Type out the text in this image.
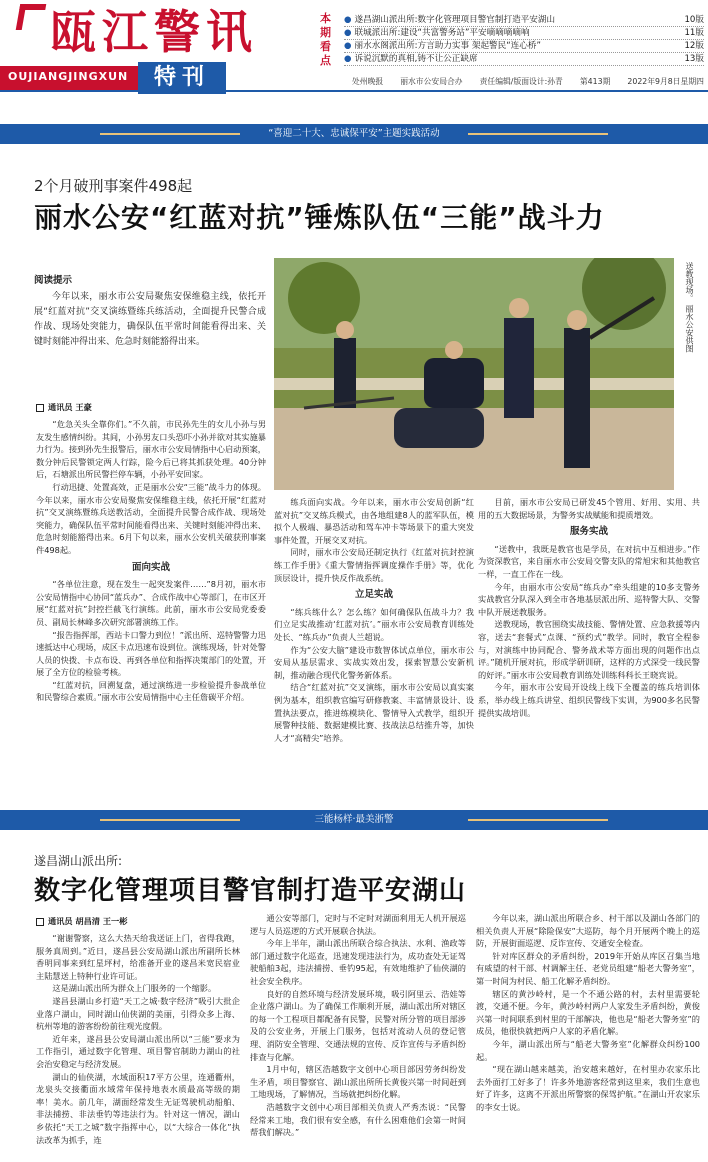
瓯江警讯
OUJIANGJINGXUN	特刊
本期看点
● 遂昌湖山派出所:数字化管理项目警官制打造平安湖山	10版
● 联城派出所:建设“共富警务站”平安嘀嘀嘀嘀响	11版
● 丽水水阁派出所:方言助力实事 架起警民“连心桥”	12版
● 诉说沉默的真相,铸不让公正缺席	13版
处州晚报 丽水市公安局合办 责任编辑/版面设计:孙青 第413期 2022年9月8日星期四
“喜迎二十大、忠诚保平安”主题实践活动
2个月破刑事案件498起
丽水公安“红蓝对抗”锤炼队伍“三能”战斗力
阅读提示
今年以来，丽水市公安局聚焦安保维稳主线，依托开展“红蓝对抗”交叉演练暨练兵练活动，全面提升民警合成作战、现场处突能力，确保队伍平常时间能看得出来、关键时刻能冲得出来、危急时刻能豁得出来。	送教现场。 丽水公安供图
通讯员 王豪

“危急关头全靠你们。”不久前，市民孙先生的女儿小孙与男友发生感情纠纷。其间，小孙男友口头恐吓小孙并欲对其实施暴力行为。接到孙先生报警后，丽水市公安局情指中心启动预案，数分钟后民警锁定两人行踪，险今后已将其抓获处理。40分钟后，石塘派出所民警拦停车辆，小孙平安回家。

行动迅捷、处置高效，正是丽水公安“三能”战斗力的体现。今年以来，丽水市公安局聚焦安保维稳主线，依托开展“红蓝对抗”交叉演练暨练兵送教活动，全面提升民警合成作战、现场处突能力，确保队伍平常时间能看得出来、关键时刻能冲得出来、危急时刻能豁得出来。6月下旬以来，丽水公安机关破获刑事案件498起。

面向实战

“各单位注意，现在发生一起突发案件……”8月初，丽水市公安局情指中心协同“蓝兵办”、合成作战中心等部门，在市区开展“红蓝对抗”封控拦截飞行演练。此前，丽水市公安局党委委员、副局长林峰多次研究部署演练工作。

“报告指挥部，西站卡口警力到位！”派出所、巡特警警力迅速抵达中心现场，成区卡点迅速布设到位。演练现场，针对处警人员的快拨、卡点布设、再到各单位和指挥决策部门的处置，开展了全方位的检验考核。

“红蓝对抗，回溯复盘，通过演练进一步检验提升参战单位和民警综合素质。”丽水市公安局情指中心主任詹碳平介绍。

练兵面向实战。今年以来，丽水市公安局创新“红蓝对抗”交叉练兵模式，由各地组建8人的蓝军队伍，模拟个人极端、暴恐活动和驾车冲卡等场景下的重大突发事件处置，开展交叉对抗。

同时，丽水市公安局还制定执行《红蓝对抗封控演练工作手册》《重大警情指挥调度操作手册》等，优化顶层设计，提升快反作战系统。

立足实战

“练兵练什么？怎么练？如何确保队伍战斗力？我们立足实战推动‘红蓝对抗’。”丽水市公安局教育训练处处长、“练兵办”负责人兰超说。

作为“公安大脑”建设市数智体试点单位，丽水市公安局从基层需求、实战实效出发，探索智慧公安新机制，推动融合现代化警务新体系。

结合“红蓝对抗”交叉演练，丽水市公安局以真实案例为基本，组织教官编写研修教案、丰富情景设计、设置执法要点，推进练模块化、警情导入式教学，组织开展警种技能、数据建模比赛、技战法总结推升等，加快人才“高精尖”培养。

目前，丽水市公安局已研发45个管用、好用、实用、共用的五大数据场景，为警务实战赋能和提质增效。

服务实战

“送教中，我既是教官也是学员，在对抗中互相进步。”作为资深教官，来自丽水市公安局交警支队的常旭宋和其他教官一样，一直工作在一线。

今年，由丽水市公安局“练兵办”牵头组建的10多支警务实战教官分队深入到全市各地基层派出所、巡特警大队、交警中队开展送教服务。

送教现场，教官围绕实战技能、警情处置、应急救援等内容，送去“套餐式”点课、“预约式”教学。同时，教官全程参与，对演练中协同配合、警务战术等方面出现的问题作出点评。”随机开展对抗，形成学研训研，这样的方式深受一线民警的好评。”丽水市公安局教育训练处训练科科长王晓宾说。

今年，丽水市公安局开设线上线下全覆盖的练兵培训体系，举办线上练兵讲堂、组织民警线下实训，为900多名民警提供实战培训。

三能杨样·最美浙警
遂昌湖山派出所:
数字化管理项目警官制打造平安湖山
通讯员 胡昌清 王一彬

“谢谢警察，这么大热天给我送证上门，省得我跑，服务真周到。”近日，遂昌县公安局湖山派出所副所长林香明同事来到红星坪村，给准备开业的遂昌米宽民宿业主陆慧送上特种行业许可证。

这是湖山派出所为群众上门服务的一个缩影。

遂昌县湖山乡打造“天工之城·数字经济”吸引大批企业落户湖山，同时湖山仙侠湖的美丽，引得众多上海、杭州等地的游客纷纷前往观光度假。

近年来，遂昌县公安局湖山派出所以“三能”要求为工作指引，通过数字化管理、项目警官制助力湖山的社会治安稳定与经济发展。

湖山的仙侠湖，水域面积17平方公里，连通衢州，龙泉头交接衢面水域常年保持地表水质最高等级的期率！美水。前几年，湖面经常发生无证驾驶机动船舶、非法捕捞、非法垂钓等违法行为。针对这一情况，湖山乡依托“天工之城”数字指挥中心，以“大综合一体化”执法改革为抓手，连

通公安等部门，定时与不定时对湖面利用无人机开展巡逻与人员巡逻的方式开展联合执法。

今年上半年，湖山派出所联合综合执法、水利、渔政等部门通过数字化巡查，迅速发现违法行为，成功查处无证驾驶船舶3起，违法捕捞、垂钓95起，有效地维护了仙侠湖的社会安全秩序。

良好的自然环境与经济发展环境，吸引阿里云、浩娃等企业落户湖山。为了确保工作顺利开展，湖山派出所对辖区的每一个工程项目都配备有民警，民警对所分管的项目部涉及的公安业务，开展上门服务，包括对流动人员的登记管理、消防安全管理、交通法规的宣传、反诈宣传与矛盾纠纷排查与化解。

1月中旬，辖区浩越数字文创中心项目部因劳务纠纷发生矛盾，项目警察官、湖山派出所所长黄俊兴第一时间赶到工地现场，了解情况，当场就把纠纷化解。

浩越数字文创中心项目部相关负责人严秀杰说：“民警经常来工地，我们很有安全感，有什么困难他们会第一时间帮我们解决。”

今年以来，湖山派出所联合乡、村干部以及湖山各部门的相关负责人开展“除险保安”大巡防，每个月开展两个晚上的巡防，开展街面巡逻、反诈宣传、交通安全检查。

针对库区群众的矛盾纠纷，2019年开始从库区召集当地有威望的村干部、村调解主任、老党员组建“船老大警务室”，第一时间为村民、船工化解矛盾纠纷。

辖区的黄沙岭村，是一个不通公路的村，去村里需要轮渡，交通不便。今年，黄沙岭村两户人家发生矛盾纠纷，黄俊兴第一时间联系到村里的干部解决，他也是“船老大警务室”的成员，他很快就把两户人家的矛盾化解。

今年，湖山派出所与“船老大警务室”化解群众纠纷100起。

“现在湖山越来越美，治安越来越好，在村里办农家乐比去外面打工好多了！许多外地游客经常到这里来，我们生意也好了许多，这离不开派出所警察的保驾护航。”在湖山开农家乐的李女士说。
